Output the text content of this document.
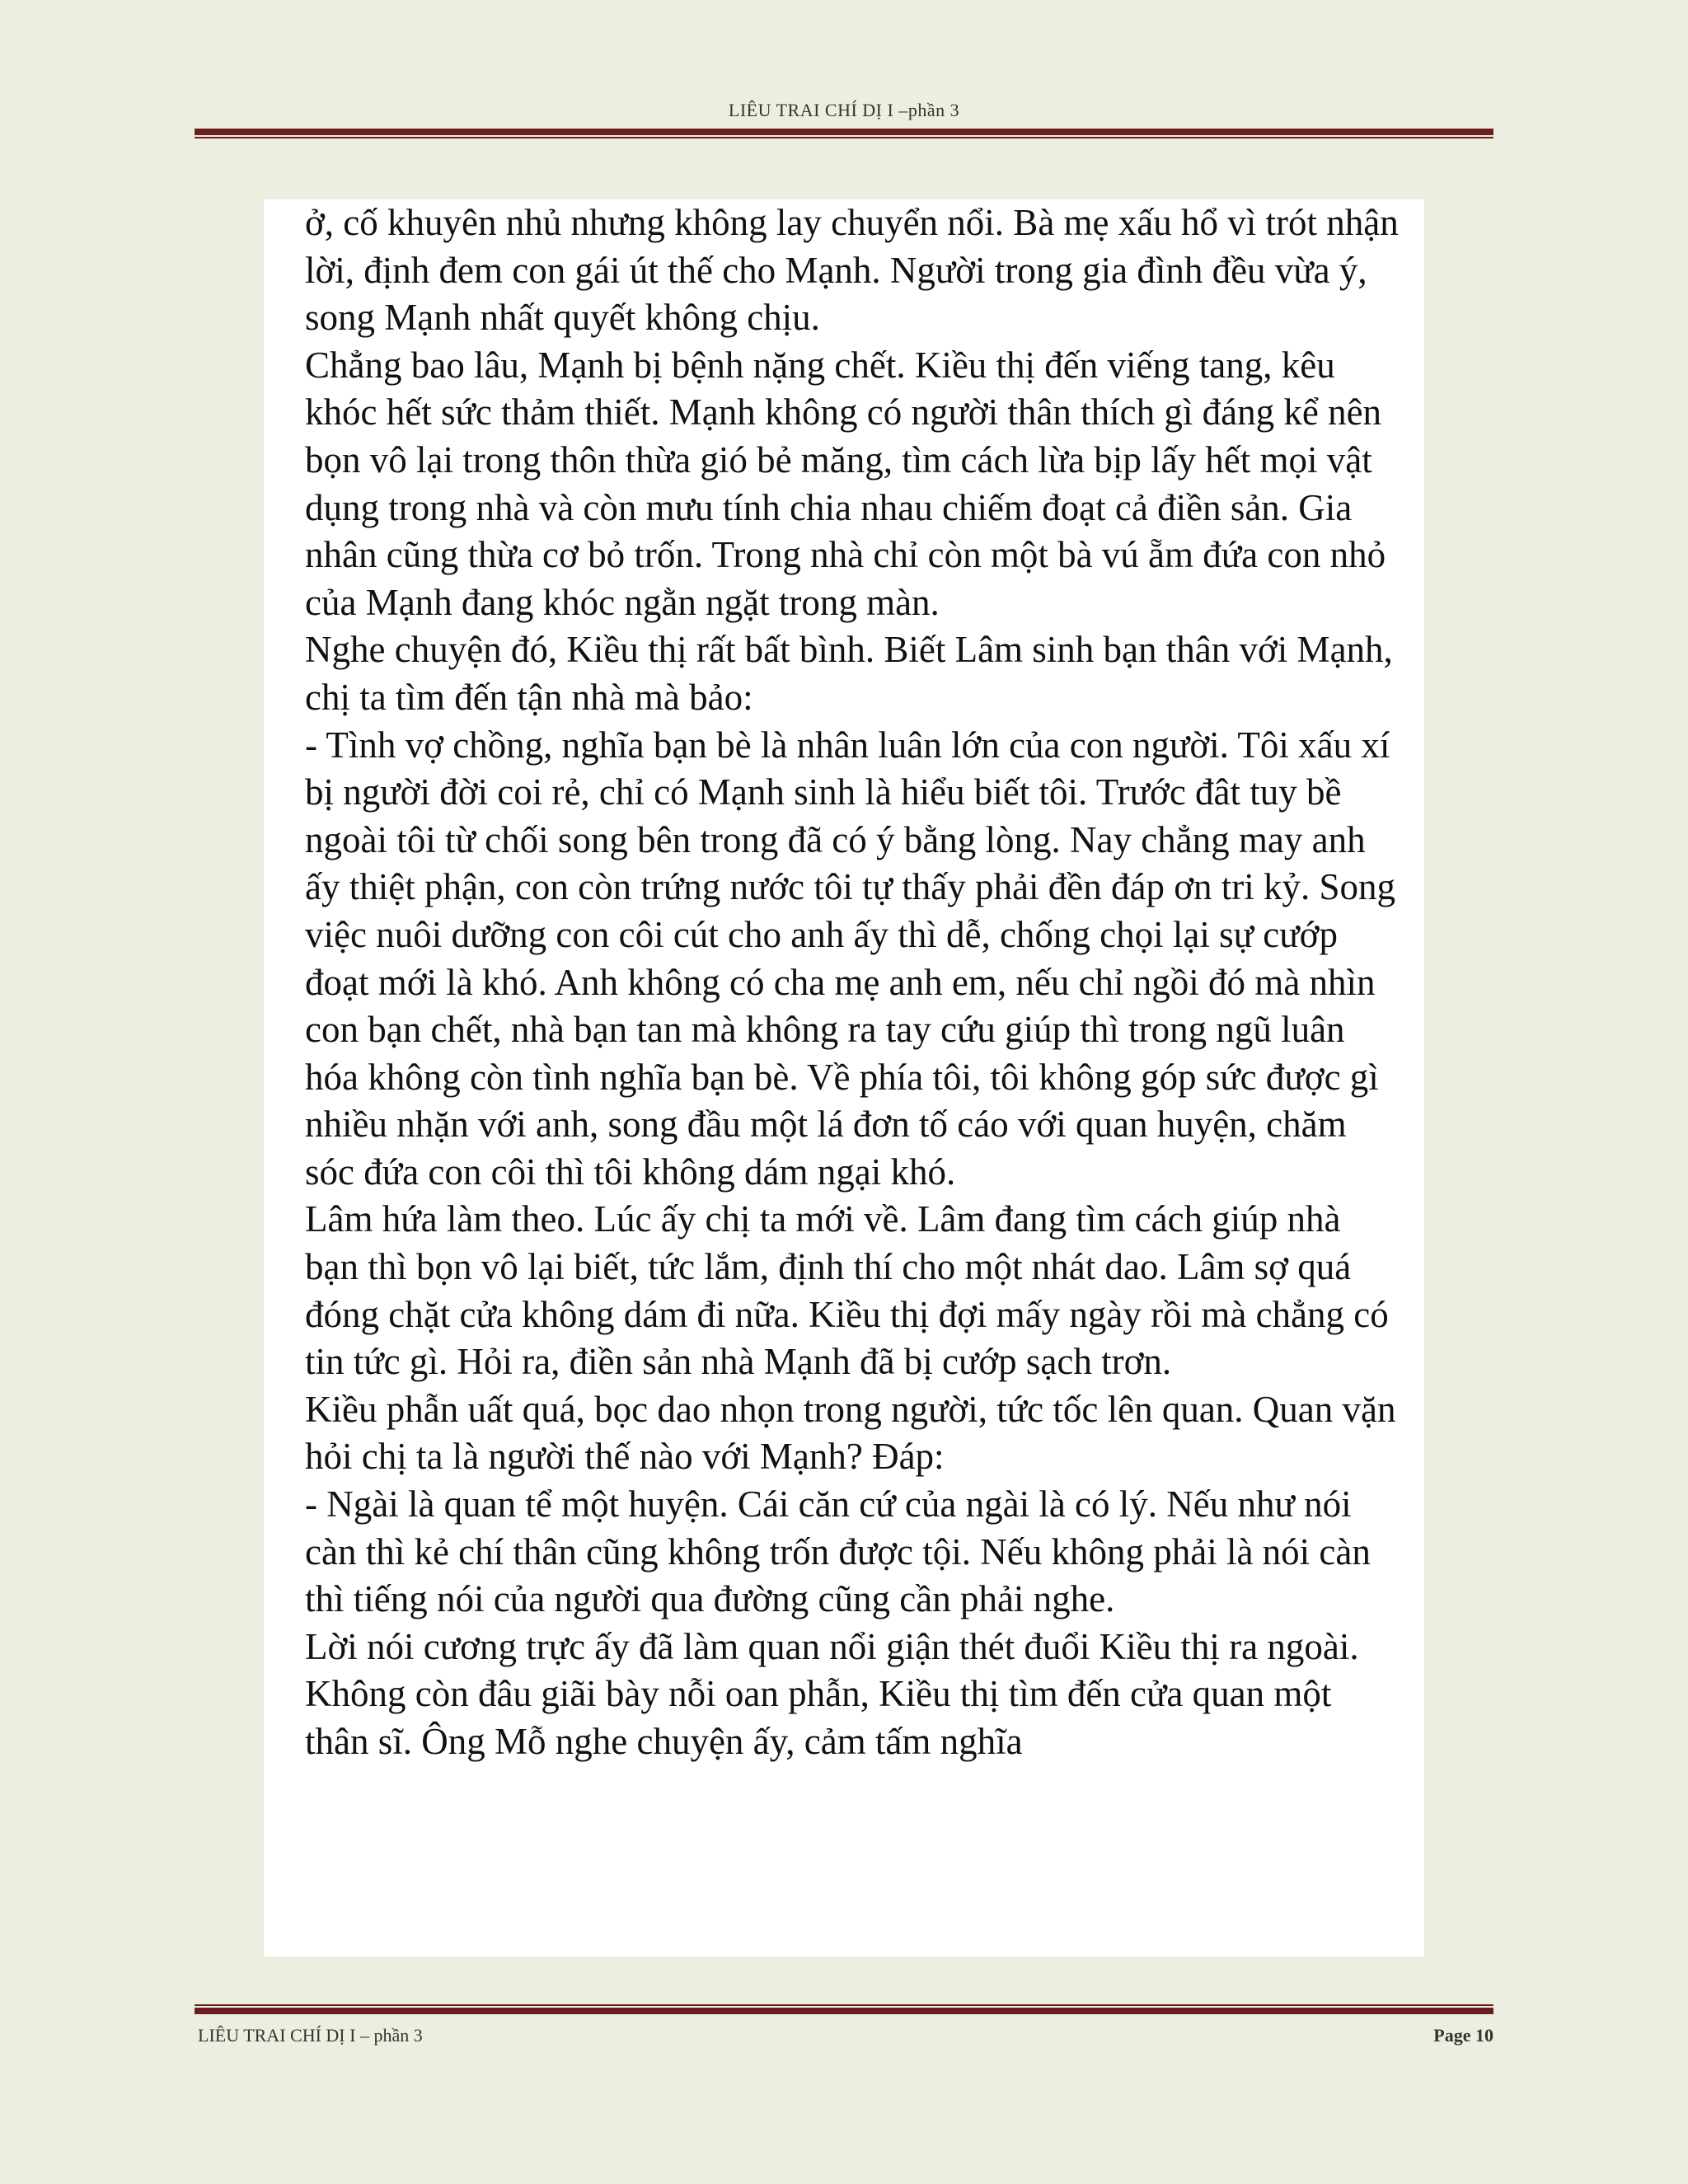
LIÊU TRAI CHÍ DỊ I –phần 3

ở, cố khuyên nhủ nhưng không lay chuyển nổi. Bà mẹ xấu hổ vì trót nhận lời, định đem con gái út thế cho Mạnh. Người trong gia đình đều vừa ý, song Mạnh nhất quyết không chịu.

Chẳng bao lâu, Mạnh bị bệnh nặng chết. Kiều thị đến viếng tang, kêu khóc hết sức thảm thiết. Mạnh không có người thân thích gì đáng kể nên bọn vô lại trong thôn thừa gió bẻ măng, tìm cách lừa bịp lấy hết mọi vật dụng trong nhà và còn mưu tính chia nhau chiếm đoạt cả điền sản. Gia nhân cũng thừa cơ bỏ trốn. Trong nhà chỉ còn một bà vú ẵm đứa con nhỏ của Mạnh đang khóc ngằn ngặt trong màn.

Nghe chuyện đó, Kiều thị rất bất bình. Biết Lâm sinh bạn thân với Mạnh, chị ta tìm đến tận nhà mà bảo:

- Tình vợ chồng, nghĩa bạn bè là nhân luân lớn của con người. Tôi xấu xí bị người đời coi rẻ, chỉ có Mạnh sinh là hiểu biết tôi. Trước đât tuy bề ngoài tôi từ chối song bên trong đã có ý bằng lòng. Nay chẳng may anh ấy thiệt phận, con còn trứng nước tôi tự thấy phải đền đáp ơn tri kỷ. Song việc nuôi dưỡng con côi cút cho anh ấy thì dễ, chống chọi lại sự cướp đoạt mới là khó. Anh không có cha mẹ anh em, nếu chỉ ngồi đó mà nhìn con bạn chết, nhà bạn tan mà không ra tay cứu giúp thì trong ngũ luân hóa không còn tình nghĩa bạn bè. Về phía tôi, tôi không góp sức được gì nhiều nhặn với anh, song đầu một lá đơn tố cáo với quan huyện, chăm sóc đứa con côi thì tôi không dám ngại khó.

Lâm hứa làm theo. Lúc ấy chị ta mới về. Lâm đang tìm cách giúp nhà bạn thì bọn vô lại biết, tức lắm, định thí cho một nhát dao. Lâm sợ quá đóng chặt cửa không dám đi nữa. Kiều thị đợi mấy ngày rồi mà chẳng có tin tức gì. Hỏi ra, điền sản nhà Mạnh đã bị cướp sạch trơn.

Kiều phẫn uất quá, bọc dao nhọn trong người, tức tốc lên quan. Quan vặn hỏi chị ta là người thế nào với Mạnh? Đáp:

- Ngài là quan tể một huyện. Cái căn cứ của ngài là có lý. Nếu như nói càn thì kẻ chí thân cũng không trốn được tội. Nếu không phải là nói càn thì tiếng nói của người qua đường cũng cần phải nghe.

Lời nói cương trực ấy đã làm quan nổi giận thét đuổi Kiều thị ra ngoài. Không còn đâu giãi bày nỗi oan phẫn, Kiều thị tìm đến cửa quan một thân sĩ. Ông Mỗ nghe chuyện ấy, cảm tấm nghĩa

LIÊU TRAI CHÍ DỊ I – phần 3	Page 10
